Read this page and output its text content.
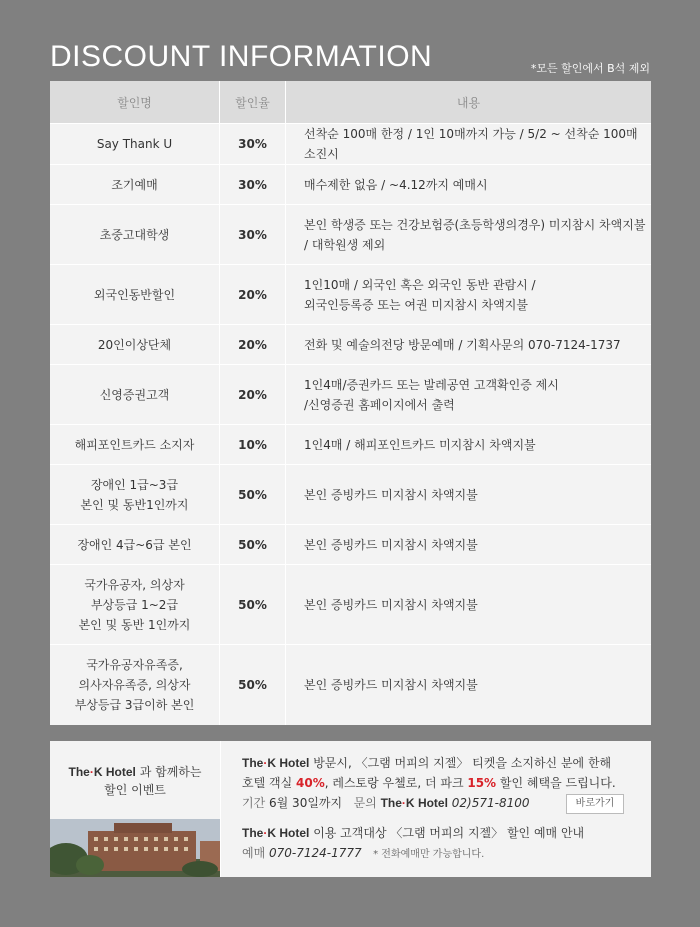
DISCOUNT INFORMATION	*모든 할인에서 B석 제외
할인명	할인율	내용

Say Thank U	30%	선착순 100매 한정 / 1인 10매까지 가능 / 5/2 ~ 선착순 100매 소진시

조기예매	30%	매수제한 없음 / ~4.12까지 예매시

초중고대학생	30%	본인 학생증 또는 건강보험증(초등학생의경우) 미지참시 차액지불
/ 대학원생 제외

외국인동반할인	20%	1인10매 / 외국인 혹은 외국인 동반 관람시 /
외국인등록증 또는 여권 미지참시 차액지불

20인이상단체	20%	전화 및 예술의전당 방문예매 / 기획사문의 070-7124-1737

신영증권고객	20%	1인4매/증권카드 또는 발레공연 고객확인증 제시
/신영증권 홈페이지에서 출력

해피포인트카드 소지자	10%	1인4매 / 해피포인트카드 미지참시 차액지불

장애인 1급~3급
본인 및 동반1인까지	50%	본인 증빙카드 미지참시 차액지불

장애인 4급~6급 본인	50%	본인 증빙카드 미지참시 차액지불

국가유공자, 의상자
부상등급 1~2급
본인 및 동반 1인까지	50%	본인 증빙카드 미지참시 차액지불

국가유공자유족증,
의사자유족증, 의상자
부상등급 3급이하 본인	50%	본인 증빙카드 미지참시 차액지불
The·K Hotel 과 함께하는
할인 이벤트
The·K Hotel 방문시, 〈그램 머피의 지젤〉 티켓을 소지하신 분에 한해
호텔 객실 40%, 레스토랑 우첼로, 더 파크 15% 할인 혜택을 드립니다.
기간 6월 30일까지 문의 The·K Hotel 02)571-8100
The·K Hotel 이용 고객대상 〈그램 머피의 지젤〉 할인 예매 안내
예매 070-7124-1777 * 전화예매만 가능합니다.
바로가기
